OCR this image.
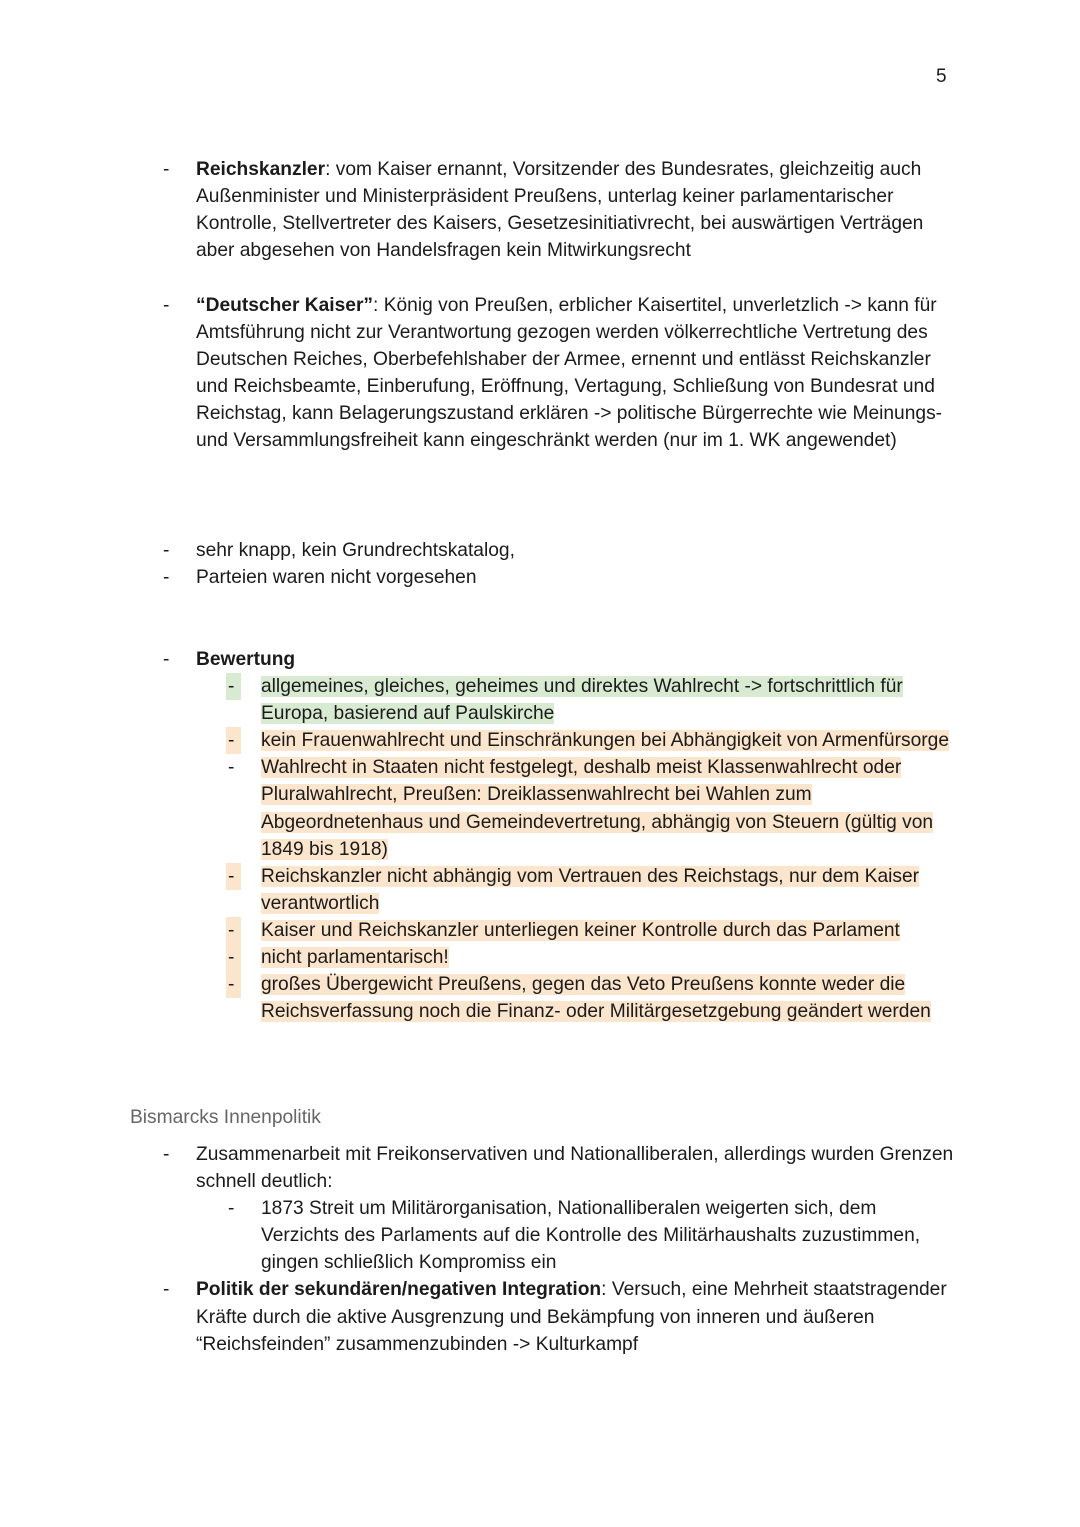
5
- Reichskanzler: vom Kaiser ernannt, Vorsitzender des Bundesrates, gleichzeitig auch Außenminister und Ministerpräsident Preußens, unterlag keiner parlamentarischer Kontrolle, Stellvertreter des Kaisers, Gesetzesinitiativrecht, bei auswärtigen Verträgen aber abgesehen von Handelsfragen kein Mitwirkungsrecht
- “Deutscher Kaiser”: König von Preußen, erblicher Kaisertitel, unverletzlich -> kann für Amtsführung nicht zur Verantwortung gezogen werden völkerrechtliche Vertretung des Deutschen Reiches, Oberbefehlshaber der Armee, ernennt und entlässt Reichskanzler und Reichsbeamte, Einberufung, Eröffnung, Vertagung, Schließung von Bundesrat und Reichstag, kann Belagerungszustand erklären -> politische Bürgerrechte wie Meinungs- und Versammlungsfreiheit kann eingeschränkt werden (nur im 1. WK angewendet)
- sehr knapp, kein Grundrechtskatalog,
- Parteien waren nicht vorgesehen
- Bewertung
-	allgemeines, gleiches, geheimes und direktes Wahlrecht -> fortschrittlich für Europa, basierend auf Paulskirche
-	kein Frauenwahlrecht und Einschränkungen bei Abhängigkeit von Armenfürsorge
- Wahlrecht in Staaten nicht festgelegt, deshalb meist Klassenwahlrecht oder Pluralwahlrecht, Preußen: Dreiklassenwahlrecht bei Wahlen zum Abgeordnetenhaus und Gemeindevertretung, abhängig von Steuern (gültig von 1849 bis 1918)
-	Reichskanzler nicht abhängig vom Vertrauen des Reichstags, nur dem Kaiser verantwortlich
-	Kaiser und Reichskanzler unterliegen keiner Kontrolle durch das Parlament
-	nicht parlamentarisch!
-	großes Übergewicht Preußens, gegen das Veto Preußens konnte weder die Reichsverfassung noch die Finanz- oder Militärgesetzgebung geändert werden
Bismarcks Innenpolitik
- Zusammenarbeit mit Freikonservativen und Nationalliberalen, allerdings wurden Grenzen schnell deutlich:
- 1873 Streit um Militärorganisation, Nationalliberalen weigerten sich, dem Verzichts des Parlaments auf die Kontrolle des Militärhaushalts zuzustimmen, gingen schließlich Kompromiss ein
- Politik der sekundären/negativen Integration: Versuch, eine Mehrheit staatstragender Kräfte durch die aktive Ausgrenzung und Bekämpfung von inneren und äußeren “Reichsfeinden” zusammenzubinden -> Kulturkampf
